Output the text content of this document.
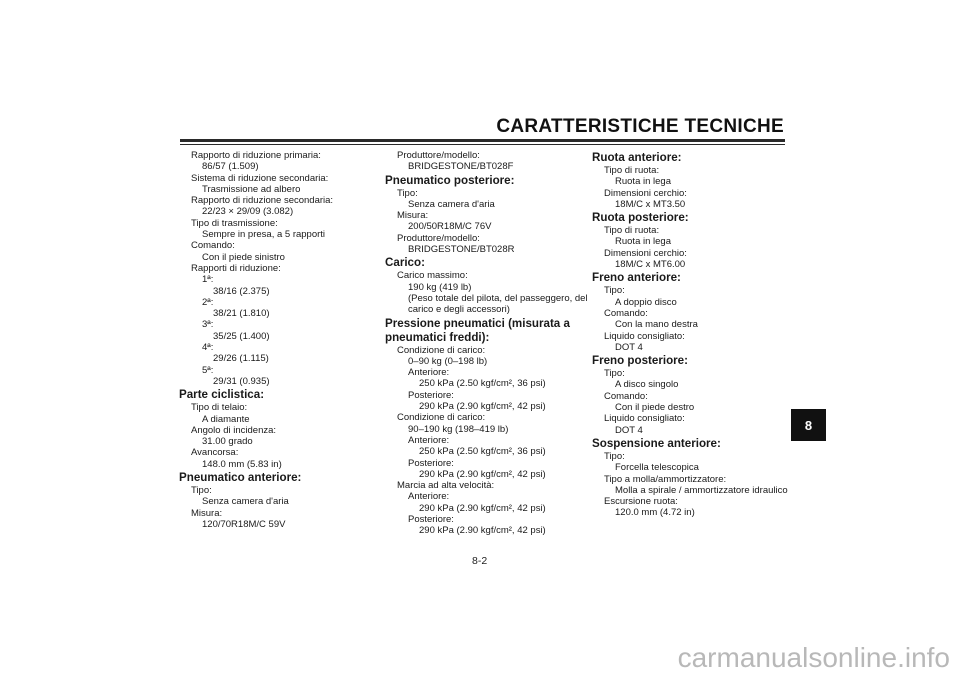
CARATTERISTICHE TECNICHE
Rapporto di riduzione primaria:
86/57 (1.509)
Sistema di riduzione secondaria:
Trasmissione ad albero
Rapporto di riduzione secondaria:
22/23 × 29/09 (3.082)
Tipo di trasmissione:
Sempre in presa, a 5 rapporti
Comando:
Con il piede sinistro
Rapporti di riduzione:
1ª:
38/16 (2.375)
2ª:
38/21 (1.810)
3ª:
35/25 (1.400)
4ª:
29/26 (1.115)
5ª:
29/31 (0.935)
Parte ciclistica:
Tipo di telaio:
A diamante
Angolo di incidenza:
31.00 grado
Avancorsa:
148.0 mm (5.83 in)
Pneumatico anteriore:
Tipo:
Senza camera d'aria
Misura:
120/70R18M/C 59V
Produttore/modello:
BRIDGESTONE/BT028F
Pneumatico posteriore:
Tipo:
Senza camera d'aria
Misura:
200/50R18M/C 76V
Produttore/modello:
BRIDGESTONE/BT028R
Carico:
Carico massimo:
190 kg (419 lb)
(Peso totale del pilota, del passeggero, del
carico e degli accessori)
Pressione pneumatici (misurata a pneumatici freddi):
Condizione di carico:
0–90 kg (0–198 lb)
Anteriore:
250 kPa (2.50 kgf/cm², 36 psi)
Posteriore:
290 kPa (2.90 kgf/cm², 42 psi)
Condizione di carico:
90–190 kg (198–419 lb)
Anteriore:
250 kPa (2.50 kgf/cm², 36 psi)
Posteriore:
290 kPa (2.90 kgf/cm², 42 psi)
Marcia ad alta velocità:
Anteriore:
290 kPa (2.90 kgf/cm², 42 psi)
Posteriore:
290 kPa (2.90 kgf/cm², 42 psi)
Ruota anteriore:
Tipo di ruota:
Ruota in lega
Dimensioni cerchio:
18M/C x MT3.50
Ruota posteriore:
Tipo di ruota:
Ruota in lega
Dimensioni cerchio:
18M/C x MT6.00
Freno anteriore:
Tipo:
A doppio disco
Comando:
Con la mano destra
Liquido consigliato:
DOT 4
Freno posteriore:
Tipo:
A disco singolo
Comando:
Con il piede destro
Liquido consigliato:
DOT 4
Sospensione anteriore:
Tipo:
Forcella telescopica
Tipo a molla/ammortizzatore:
Molla a spirale / ammortizzatore idraulico
Escursione ruota:
120.0 mm (4.72 in)
8
8-2
carmanualsonline.info
